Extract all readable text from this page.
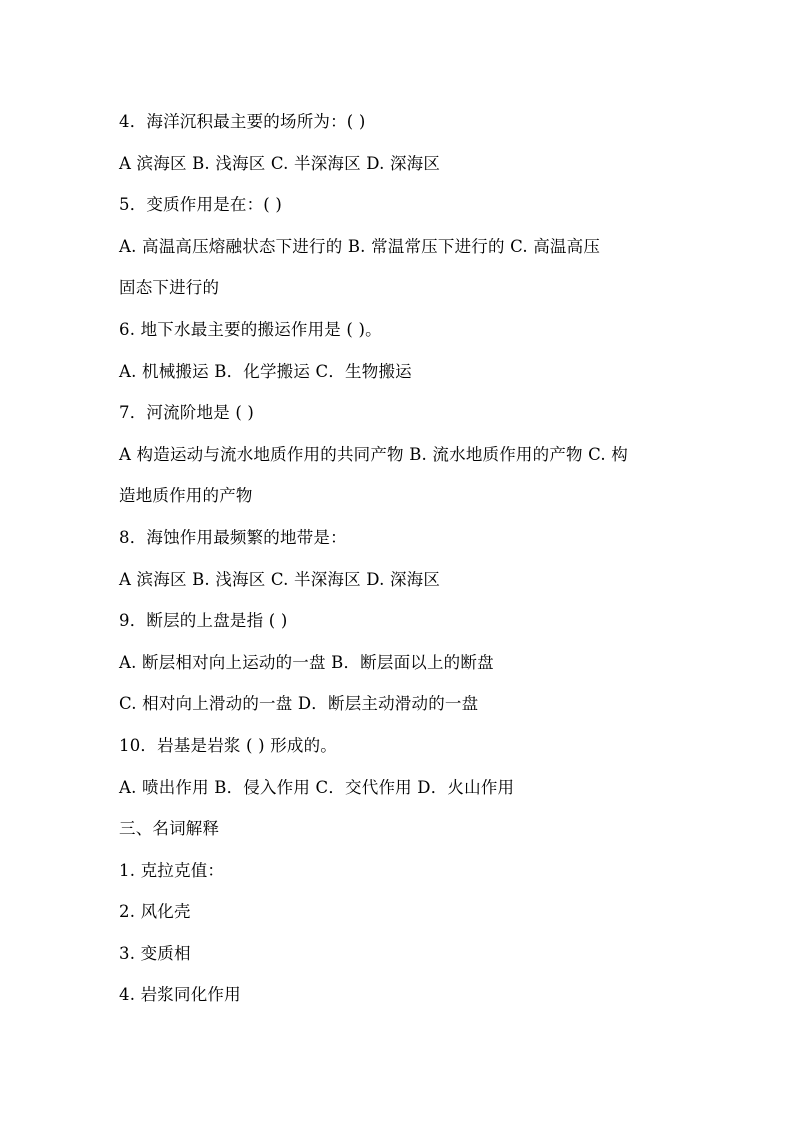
4．海洋沉积最主要的场所为：( )
A 滨海区 B. 浅海区 C. 半深海区 D. 深海区
5．变质作用是在：( )
A. 高温高压熔融状态下进行的 B. 常温常压下进行的 C. 高温高压
固态下进行的
6. 地下水最主要的搬运作用是 ( )。
A. 机械搬运 B．化学搬运 C．生物搬运
7．河流阶地是 ( )
A 构造运动与流水地质作用的共同产物 B. 流水地质作用的产物 C. 构
造地质作用的产物
8．海蚀作用最频繁的地带是：
A 滨海区 B. 浅海区 C. 半深海区 D. 深海区
9．断层的上盘是指 ( )
A. 断层相对向上运动的一盘 B．断层面以上的断盘
C. 相对向上滑动的一盘 D．断层主动滑动的一盘
10．岩基是岩浆 ( ) 形成的。
A. 喷出作用 B．侵入作用 C．交代作用 D．火山作用
三、名词解释
1. 克拉克值：
2. 风化壳
3. 变质相
4. 岩浆同化作用
